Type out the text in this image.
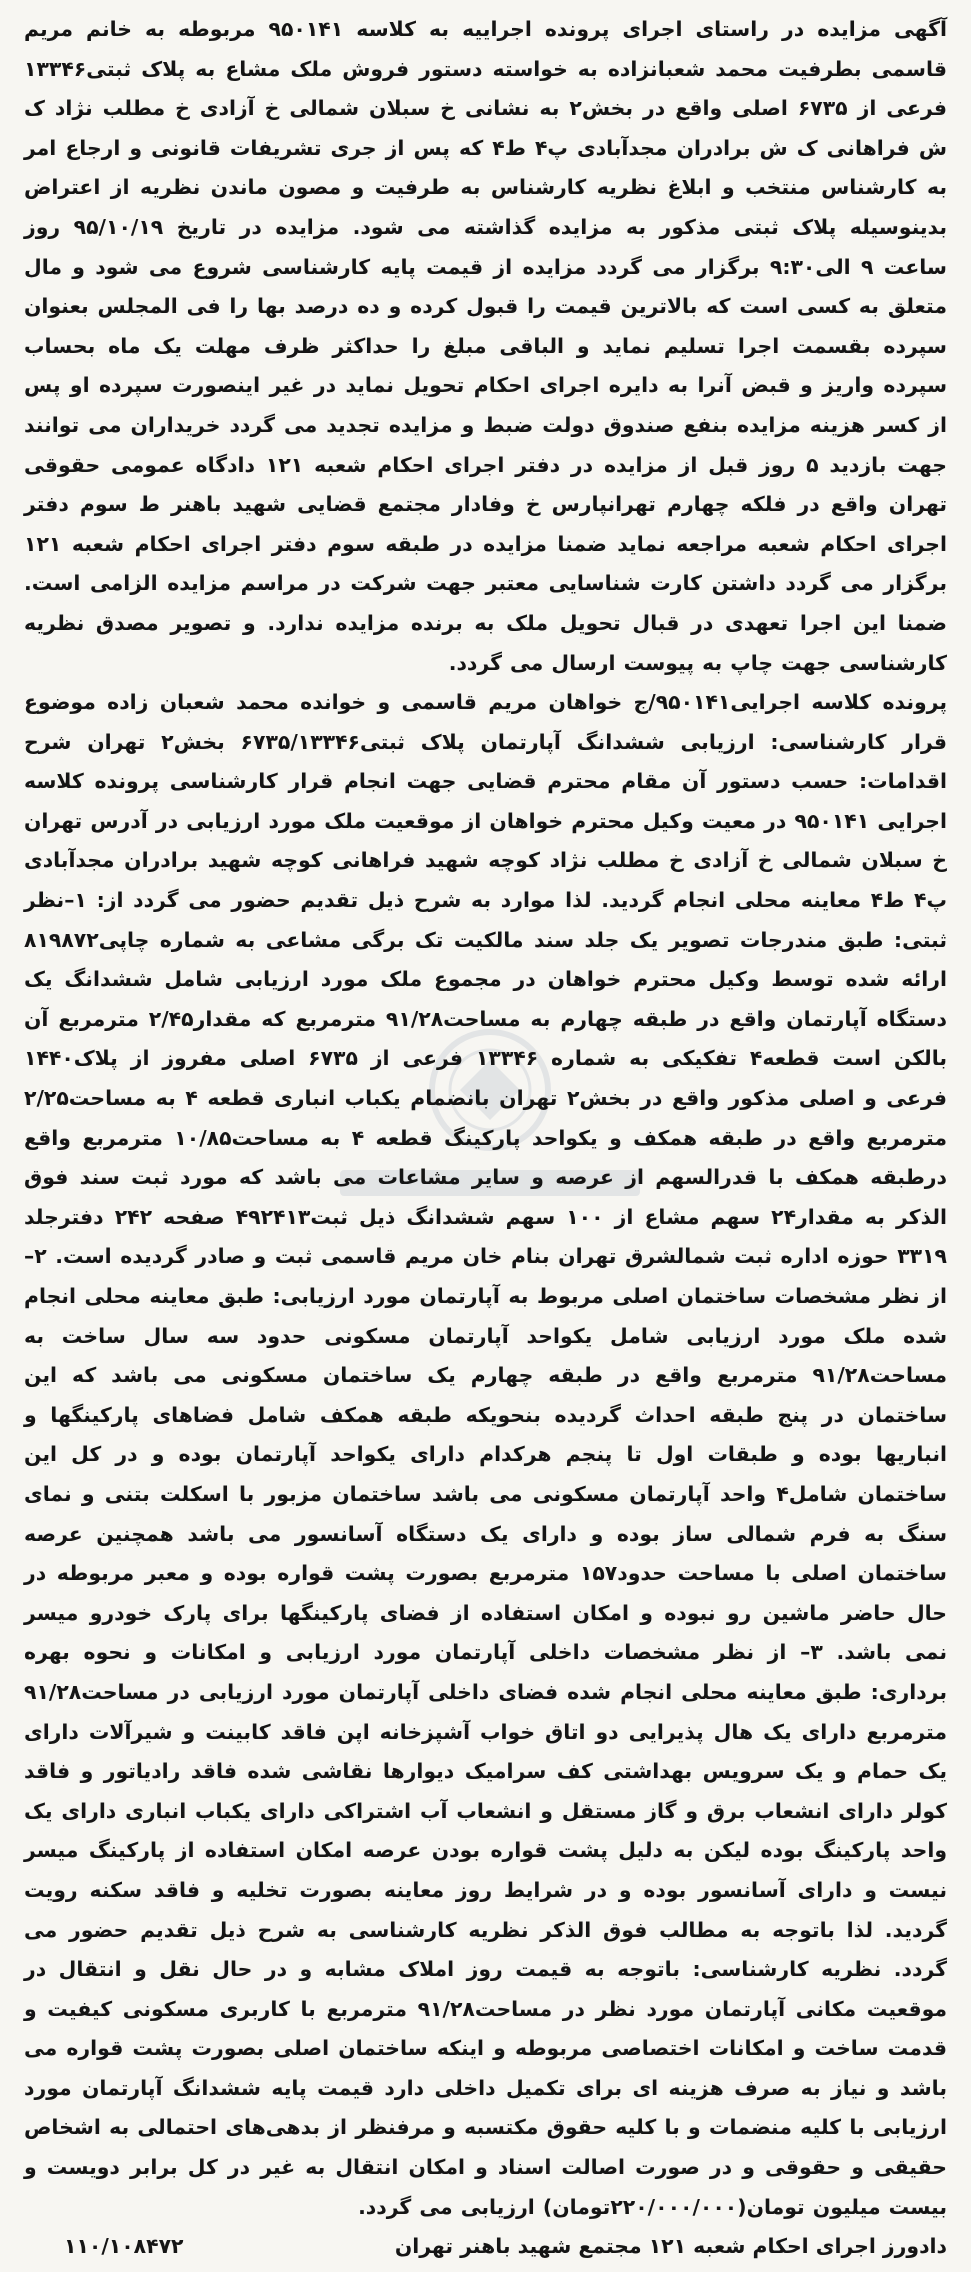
آگهی مزایده در راستای اجرای پرونده اجراییه به کلاسه ۹۵۰۱۴۱ مربوطه به خانم مریم قاسمی بطرفیت محمد شعبانزاده به خواسته دستور فروش ملک مشاع به پلاک ثبتی۱۳۳۴۶ فرعی از ۶۷۳۵ اصلی واقع در بخش۲ به نشانی خ سبلان شمالی خ آزادی خ مطلب نژاد ک ش فراهانی ک ش برادران مجدآبادی پ۴ ط۴ که پس از جری تشریفات قانونی و ارجاع امر به کارشناس منتخب و ابلاغ نظریه کارشناس به طرفیت و مصون ماندن نظریه از اعتراض بدینوسیله پلاک ثبتی مذکور به مزایده گذاشته می شود. مزایده در تاریخ ۹۵/۱۰/۱۹ روز ساعت ۹ الی۹:۳۰ برگزار می گردد مزایده از قیمت پایه کارشناسی شروع می شود و مال متعلق به کسی است که بالاترین قیمت را قبول کرده و ده درصد بها را فی المجلس بعنوان سپرده بقسمت اجرا تسلیم نماید و الباقی مبلغ را حداکثر ظرف مهلت یک ماه بحساب سپرده واریز و قبض آنرا به دایره اجرای احکام تحویل نماید در غیر اینصورت سپرده او پس از کسر هزینه مزایده بنفع صندوق دولت ضبط و مزایده تجدید می گردد خریداران می توانند جهت بازدید ۵ روز قبل از مزایده در دفتر اجرای احکام شعبه ۱۲۱ دادگاه عمومی حقوقی تهران واقع در فلکه چهارم تهرانپارس خ وفادار مجتمع قضایی شهید باهنر ط سوم دفتر اجرای احکام شعبه مراجعه نماید ضمنا مزایده در طبقه سوم دفتر اجرای احکام شعبه ۱۲۱ برگزار می گردد داشتن کارت شناسایی معتبر جهت شرکت در مراسم مزایده الزامی است. ضمنا این اجرا تعهدی در قبال تحویل ملک به برنده مزایده ندارد. و تصویر مصدق نظریه کارشناسی جهت چاپ به پیوست ارسال می گردد.

پرونده کلاسه اجرایی۹۵۰۱۴۱/ج خواهان مریم قاسمی و خوانده محمد شعبان زاده موضوع قرار کارشناسی: ارزیابی ششدانگ آپارتمان پلاک ثبتی۶۷۳۵/۱۳۳۴۶ بخش۲ تهران شرح اقدامات: حسب دستور آن مقام محترم قضایی جهت انجام قرار کارشناسی پرونده کلاسه اجرایی ۹۵۰۱۴۱ در معیت وکیل محترم خواهان از موقعیت ملک مورد ارزیابی در آدرس تهران خ سبلان شمالی خ آزادی خ مطلب نژاد کوچه شهید فراهانی کوچه شهید برادران مجدآبادی پ۴ ط۴ معاینه محلی انجام گردید. لذا موارد به شرح ذیل تقدیم حضور می گردد از: ۱–نظر ثبتی: طبق مندرجات تصویر یک جلد سند مالکیت تک برگی مشاعی به شماره چاپی۸۱۹۸۷۲ ارائه شده توسط وکیل محترم خواهان در مجموع ملک مورد ارزیابی شامل ششدانگ یک دستگاه آپارتمان واقع در طبقه چهارم به مساحت۹۱/۲۸ مترمربع که مقدار۲/۴۵ مترمربع آن بالکن است قطعه۴ تفکیکی به شماره ۱۳۳۴۶ فرعی از ۶۷۳۵ اصلی مفروز از پلاک۱۴۴۰ فرعی و اصلی مذکور واقع در بخش۲ تهران بانضمام یکباب انباری قطعه ۴ به مساحت۲/۲۵ مترمربع واقع در طبقه همکف و یکواحد پارکینگ قطعه ۴ به مساحت۱۰/۸۵ مترمربع واقع درطبقه همکف با قدرالسهم از عرصه و سایر مشاعات می باشد که مورد ثبت سند فوق الذکر به مقدار۲۴ سهم مشاع از ۱۰۰ سهم ششدانگ ذیل ثبت۴۹۲۴۱۳ صفحه ۲۴۲ دفترجلد ۳۳۱۹ حوزه اداره ثبت شمالشرق تهران بنام خان مریم قاسمی ثبت و صادر گردیده است. ۲– از نظر مشخصات ساختمان اصلی مربوط به آپارتمان مورد ارزیابی: طبق معاینه محلی انجام شده ملک مورد ارزیابی شامل یکواحد آپارتمان مسکونی حدود سه سال ساخت به مساحت۹۱/۲۸ مترمربع واقع در طبقه چهارم یک ساختمان مسکونی می باشد که این ساختمان در پنج طبقه احداث گردیده بنحویکه طبقه همکف شامل فضاهای پارکینگها و انباریها بوده و طبقات اول تا پنجم هرکدام دارای یکواحد آپارتمان بوده و در کل این ساختمان شامل۴ واحد آپارتمان مسکونی می باشد ساختمان مزبور با اسکلت بتنی و نمای سنگ به فرم شمالی ساز بوده و دارای یک دستگاه آسانسور می باشد همچنین عرصه ساختمان اصلی با مساحت حدود۱۵۷ مترمربع بصورت پشت قواره بوده و معبر مربوطه در حال حاضر ماشین رو نبوده و امکان استفاده از فضای پارکینگها برای پارک خودرو میسر نمی باشد. ۳– از نظر مشخصات داخلی آپارتمان مورد ارزیابی و امکانات و نحوه بهره برداری: طبق معاینه محلی انجام شده فضای داخلی آپارتمان مورد ارزیابی در مساحت۹۱/۲۸ مترمربع دارای یک هال پذیرایی دو اتاق خواب آشپزخانه اپن فاقد کابینت و شیرآلات دارای یک حمام و یک سرویس بهداشتی کف سرامیک دیوارها نقاشی شده فاقد رادیاتور و فاقد کولر دارای انشعاب برق و گاز مستقل و انشعاب آب اشتراکی دارای یکباب انباری دارای یک واحد پارکینگ بوده لیکن به دلیل پشت قواره بودن عرصه امکان استفاده از پارکینگ میسر نیست و دارای آسانسور بوده و در شرایط روز معاینه بصورت تخلیه و فاقد سکنه رویت گردید. لذا باتوجه به مطالب فوق الذکر نظریه کارشناسی به شرح ذیل تقدیم حضور می گردد. نظریه کارشناسی: باتوجه به قیمت روز املاک مشابه و در حال نقل و انتقال در موقعیت مکانی آپارتمان مورد نظر در مساحت۹۱/۲۸ مترمربع با کاربری مسکونی کیفیت و قدمت ساخت و امکانات اختصاصی مربوطه و اینکه ساختمان اصلی بصورت پشت قواره می باشد و نیاز به صرف هزینه ای برای تکمیل داخلی دارد قیمت پایه ششدانگ آپارتمان مورد ارزیابی با کلیه منضمات و با کلیه حقوق مکتسبه و مرفنظر از بدهی‌های احتمالی به اشخاص حقیقی و حقوقی و در صورت اصالت اسناد و امکان انتقال به غیر در کل برابر دویست و بیست میلیون تومان(۲۲۰/۰۰۰/۰۰۰تومان) ارزیابی می گردد.

دادورز اجرای احکام شعبه ۱۲۱ مجتمع شهید باهنر تهران
۱۱۰/۱۰۸۴۷۲
